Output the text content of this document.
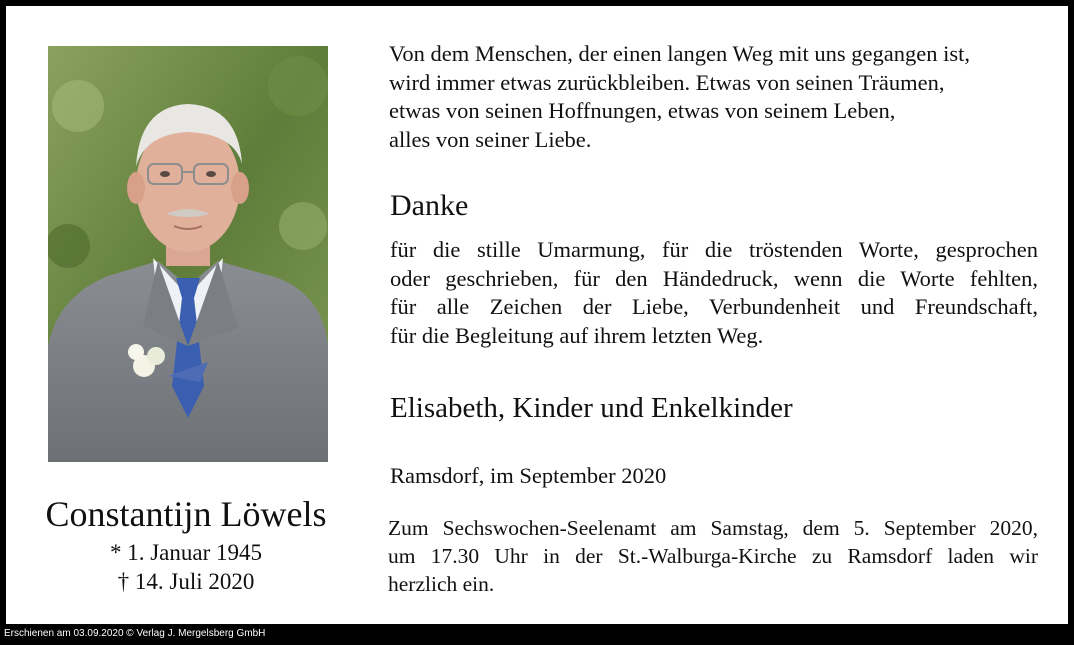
Constantijn Löwels
* 1. Januar 1945
† 14. Juli 2020
Von dem Menschen, der einen langen Weg mit uns gegangen ist,
wird immer etwas zurückbleiben. Etwas von seinen Träumen,
etwas von seinen Hoffnungen, etwas von seinem Leben,
alles von seiner Liebe.
Danke
für die stille Umarmung, für die tröstenden Worte, gesprochen
oder geschrieben, für den Händedruck, wenn die Worte fehlten,
für alle Zeichen der Liebe, Verbundenheit und Freundschaft,
für die Begleitung auf ihrem letzten Weg.
Elisabeth, Kinder und Enkelkinder
Ramsdorf, im September 2020
Zum Sechswochen-Seelenamt am Samstag, dem 5. September 2020,
um 17.30 Uhr in der St.-Walburga-Kirche zu Ramsdorf laden wir
herzlich ein.
Erschienen am 03.09.2020 © Verlag J. Mergelsberg GmbH
